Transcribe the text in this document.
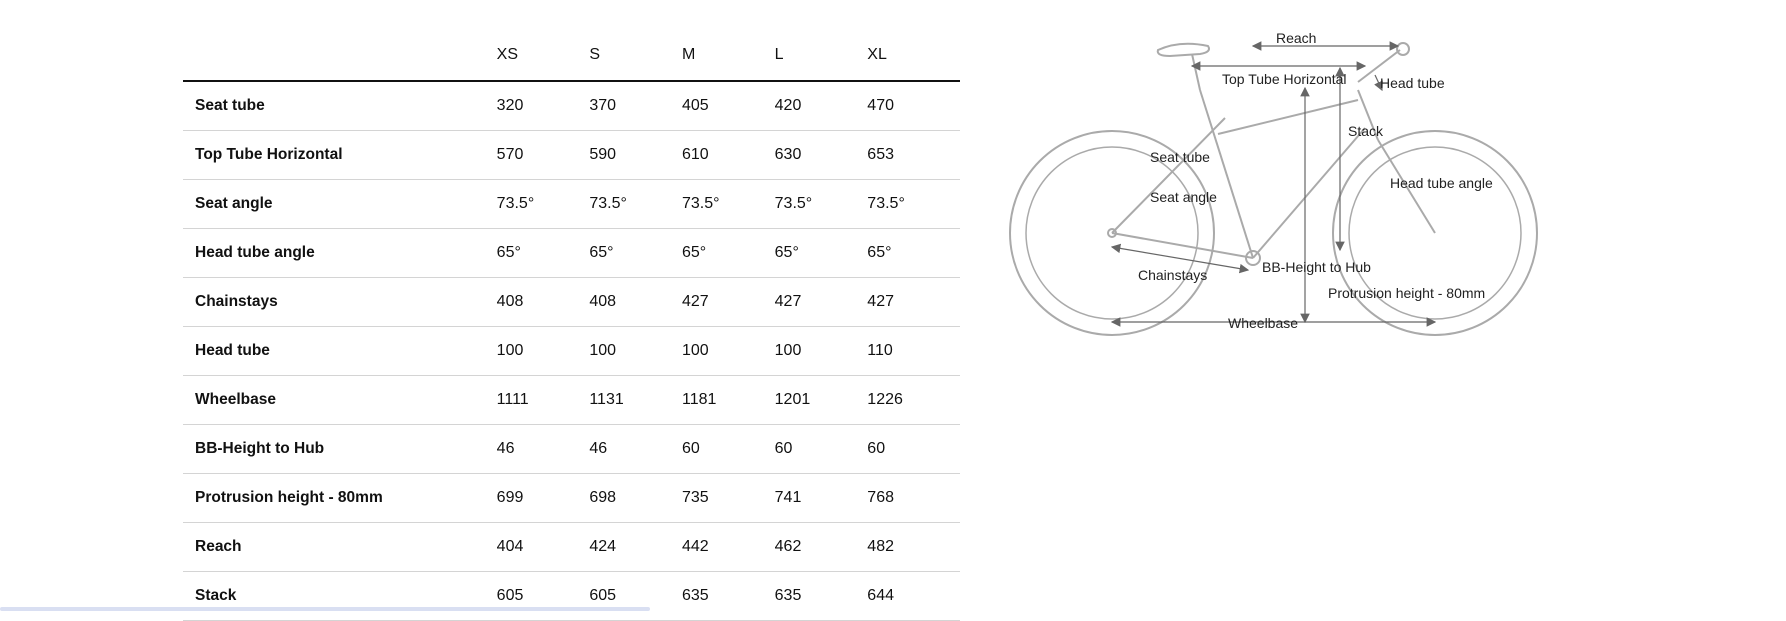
	XS	S	M	L	XL
Seat tube	320	370	405	420	470
Top Tube Horizontal	570	590	610	630	653
Seat angle	73.5°	73.5°	73.5°	73.5°	73.5°
Head tube angle	65°	65°	65°	65°	65°
Chainstays	408	408	427	427	427
Head tube	100	100	100	100	110
Wheelbase	1111	1131	1181	1201	1226
BB-Height to Hub	46	46	60	60	60
Protrusion height - 80mm	699	698	735	741	768
Reach	404	424	442	462	482
Stack	605	605	635	635	644
Reach
Top Tube Horizontal Head tube
Stack
Seat tube
Seat angle
Head tube angle
Chainstays	BB-Height to Hub
Protrusion height - 80mm
Wheelbase
